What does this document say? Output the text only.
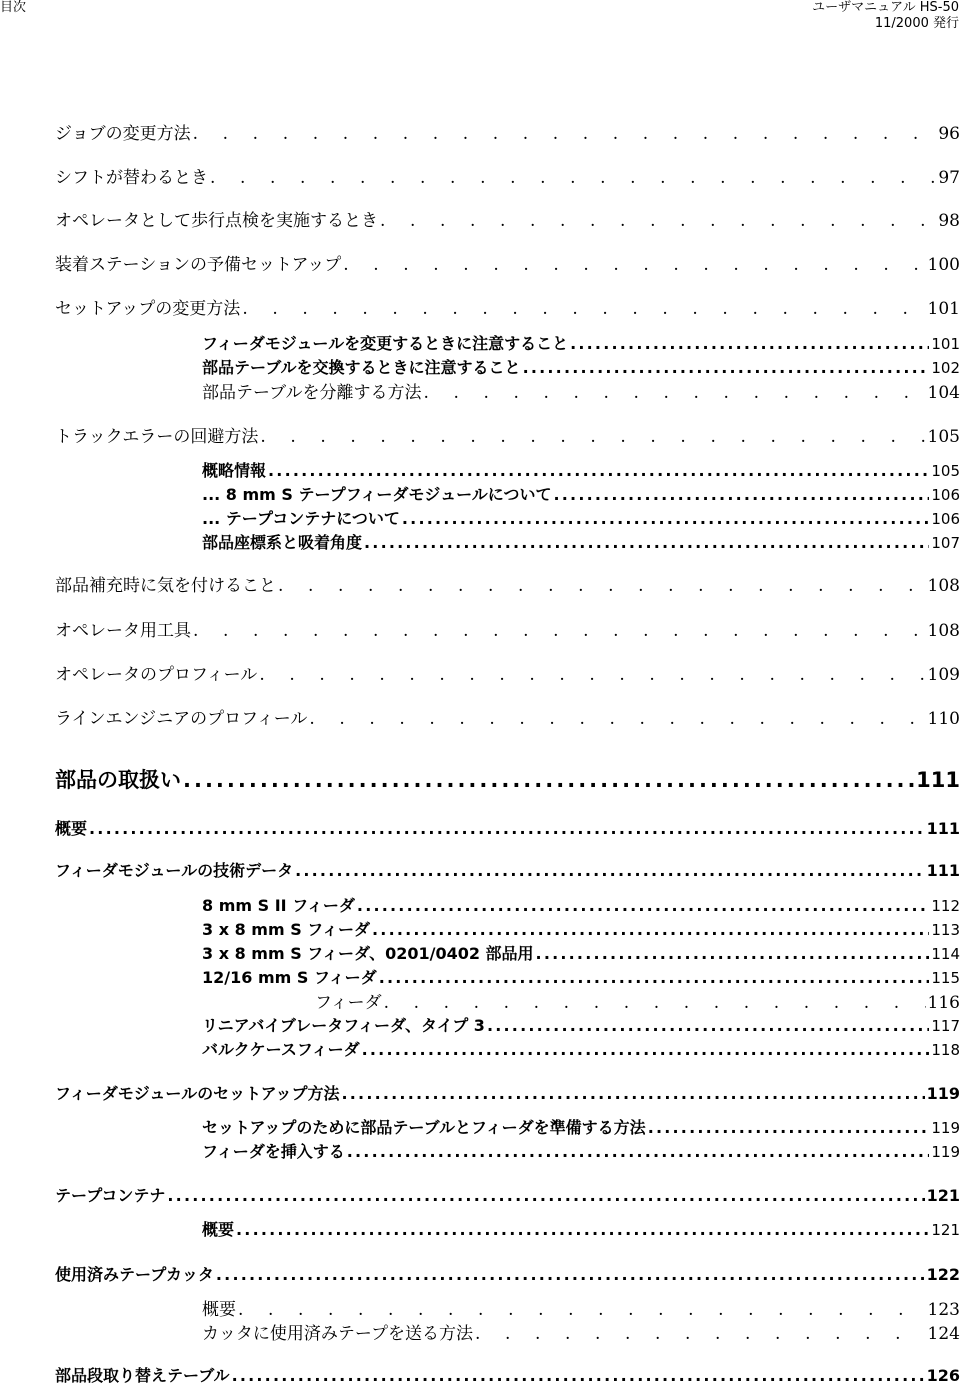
目次	ユーザマニュアル HS-50
11/2000 発行
ジョブの変更方法 . . .	96
シフトが替わるとき . . .	97
オペレータとして歩行点検を実施するとき . . .	98
装着ステーションの予備セットアップ . . .	100
セットアップの変更方法 . . .	101
フィーダモジュールを変更するときに注意すること .....	101
部品テーブルを交換するときに注意すること .....	102
部品テーブルを分離する方法 . . .	104
トラックエラーの回避方法 . . .	105
概略情報 .....	105
... 8 mm S テープフィーダモジュールについて .....	106
... テープコンテナについて .....	106
部品座標系と吸着角度 .....	107
部品補充時に気を付けること . . .	108
オペレータ用工具 . . .	108
オペレータのプロフィール . . .	109
ラインエンジニアのプロフィール . . .	110
部品の取扱い .....	111
概要 .....	111
フィーダモジュールの技術データ .....	111
8 mm S II フィーダ .....	112
3 x 8 mm S フィーダ .....	113
3 x 8 mm S フィーダ、0201/0402 部品用 .....	114
12/16 mm S フィーダ .....	115
フィーダ . . .	116
リニアバイブレータフィーダ、タイプ 3 .....	117
バルクケースフィーダ .....	118
フィーダモジュールのセットアップ方法 .....	119
セットアップのために部品テーブルとフィーダを準備する方法 .....	119
フィーダを挿入する .....	119
テープコンテナ .....	121
概要 .....	121
使用済みテープカッタ .....	122
概要 . . .	123
カッタに使用済みテープを送る方法 . . .	124
部品段取り替えテーブル .....	126
